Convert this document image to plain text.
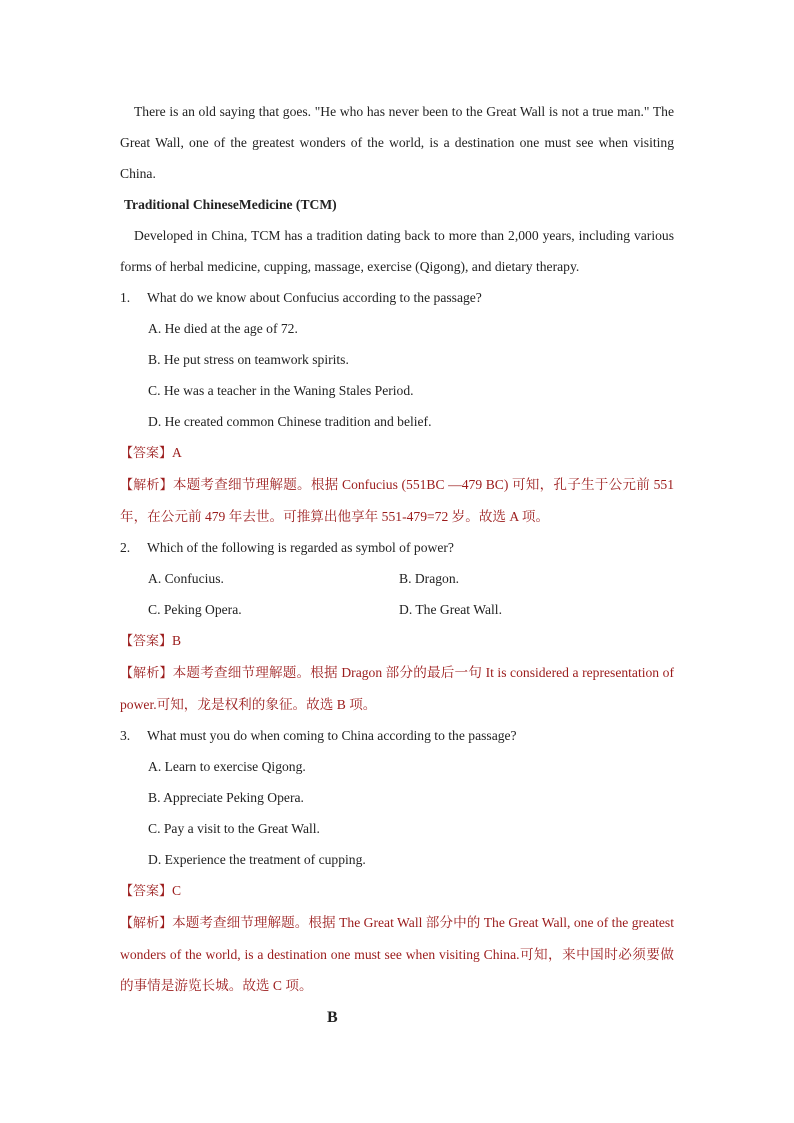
There is an old saying that goes. "He who has never been to the Great Wall is not a true man." The Great Wall, one of the greatest wonders of the world, is a destination one must see when visiting China.

Traditional ChineseMedicine (TCM)

Developed in China, TCM has a tradition dating back to more than 2,000 years, including various forms of herbal medicine, cupping, massage, exercise (Qigong), and dietary therapy.

1.	What do we know about Confucius according to the passage?

A. He died at the age of 72.

B. He put stress on teamwork spirits.

C. He was a teacher in the Waning Stales Period.

D. He created common Chinese tradition and belief.

【答案】A

【解析】本题考查细节理解题。根据 Confucius (551BC —479 BC) 可知，孔子生于公元前 551 年，在公元前 479 年去世。可推算出他享年 551-479=72 岁。故选 A 项。

2.	Which of the following is regarded as symbol of power?

A. Confucius.	B. Dragon.
C. Peking Opera.	D. The Great Wall.

【答案】B

【解析】本题考查细节理解题。根据 Dragon 部分的最后一句 It is considered a representation of power.可知，龙是权利的象征。故选 B 项。

3.	What must you do when coming to China according to the passage?

A. Learn to exercise Qigong.

B. Appreciate Peking Opera.

C. Pay a visit to the Great Wall.

D. Experience the treatment of cupping.

【答案】C

【解析】本题考查细节理解题。根据 The Great Wall 部分中的 The Great Wall, one of the greatest wonders of the world, is a destination one must see when visiting China.可知，来中国时必须要做的事情是游览长城。故选 C 项。

B
